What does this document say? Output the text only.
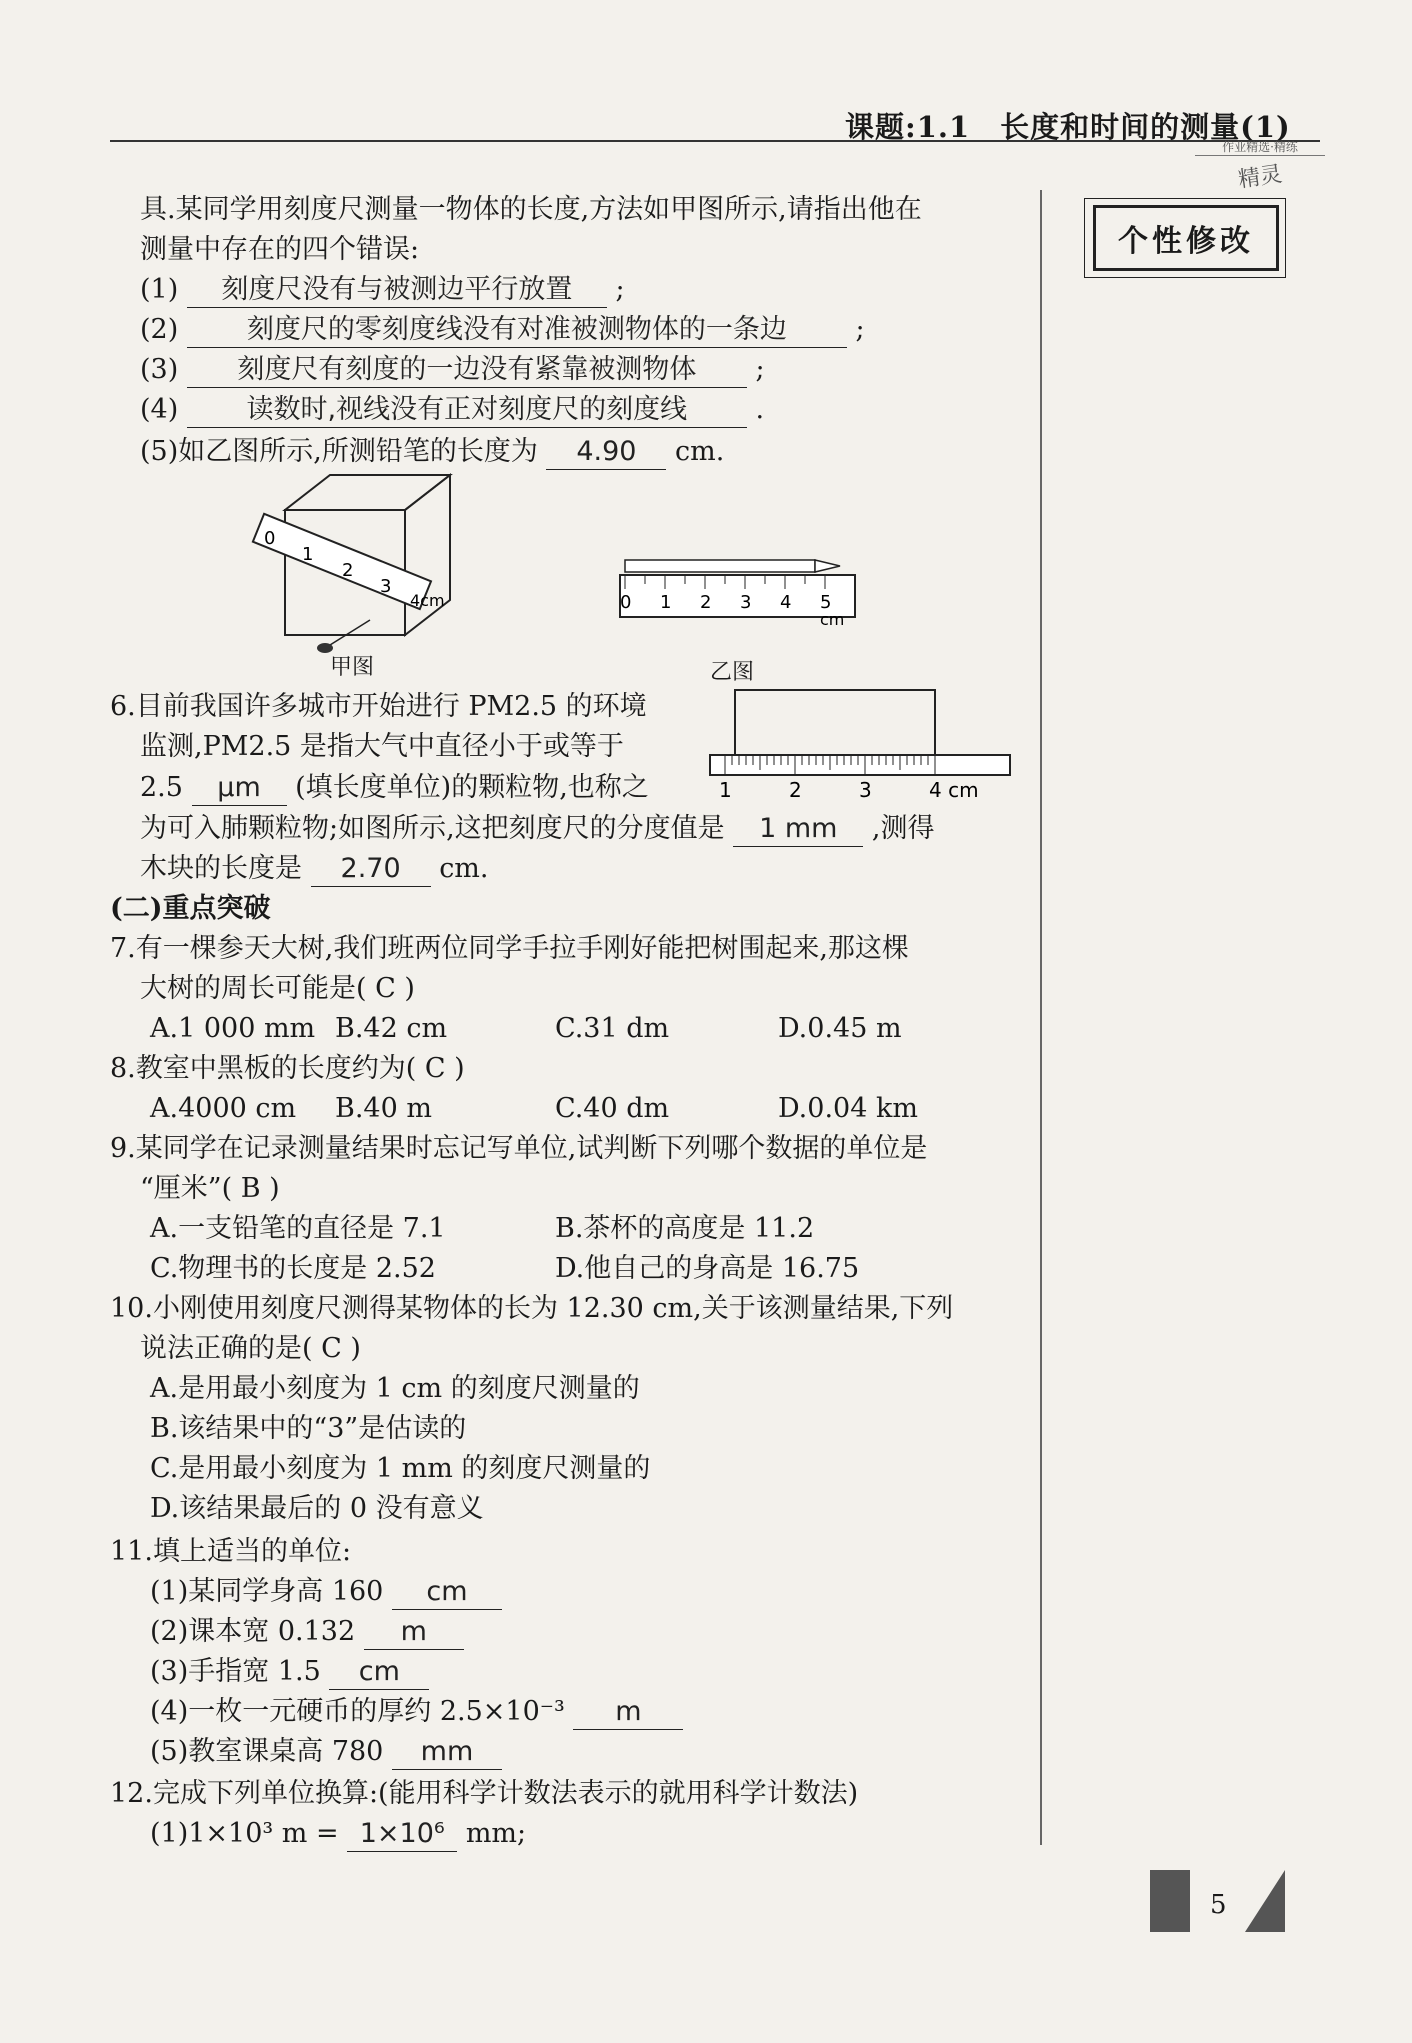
课题:1.1　长度和时间的测量(1)
作业精选·精练
精灵
个性修改
具.某同学用刻度尺测量一物体的长度,方法如甲图所示,请指出他在
测量中存在的四个错误:
(1) 刻度尺没有与被测边平行放置 ;
(2)	刻度尺的零刻度线没有对准被测物体的一条边	;
(3) 刻度尺有刻度的一边没有紧靠被测物体 ;
(4)	读数时,视线没有正对刻度尺的刻度线	.
(5)如乙图所示,所测铅笔的长度为 4.90 cm.
0
1
2
3
4cm
甲图
0 1 2 3 4 5
cm
乙图
6.目前我国许多城市开始进行 PM2.5 的环境
监测,PM2.5 是指大气中直径小于或等于
2.5 μm (填长度单位)的颗粒物,也称之
为可入肺颗粒物;如图所示,这把刻度尺的分度值是 1 mm ,测得
木块的长度是 2.70 cm.
1	2	3	4 cm
(二)重点突破
7.有一棵参天大树,我们班两位同学手拉手刚好能把树围起来,那这棵
大树的周长可能是( C )
A.1 000 mm B.42 cm	C.31 dm	D.0.45 m
8.教室中黑板的长度约为( C )
A.4000 cm B.40 m	C.40 dm	D.0.04 km
9.某同学在记录测量结果时忘记写单位,试判断下列哪个数据的单位是
“厘米”( B )
A.一支铅笔的直径是 7.1	B.茶杯的高度是 11.2
C.物理书的长度是 2.52	D.他自己的身高是 16.75
10.小刚使用刻度尺测得某物体的长为 12.30 cm,关于该测量结果,下列
说法正确的是( C )
A.是用最小刻度为 1 cm 的刻度尺测量的
B.该结果中的“3”是估读的
C.是用最小刻度为 1 mm 的刻度尺测量的
D.该结果最后的 0 没有意义
11.填上适当的单位:
(1)某同学身高 160 cm
(2)课本宽 0.132 m
(3)手指宽 1.5 cm
(4)一枚一元硬币的厚约 2.5×10⁻³ m
(5)教室课桌高 780 mm
12.完成下列单位换算:(能用科学计数法表示的就用科学计数法)
(1)1×10³ m = 1×10⁶ mm;
5
